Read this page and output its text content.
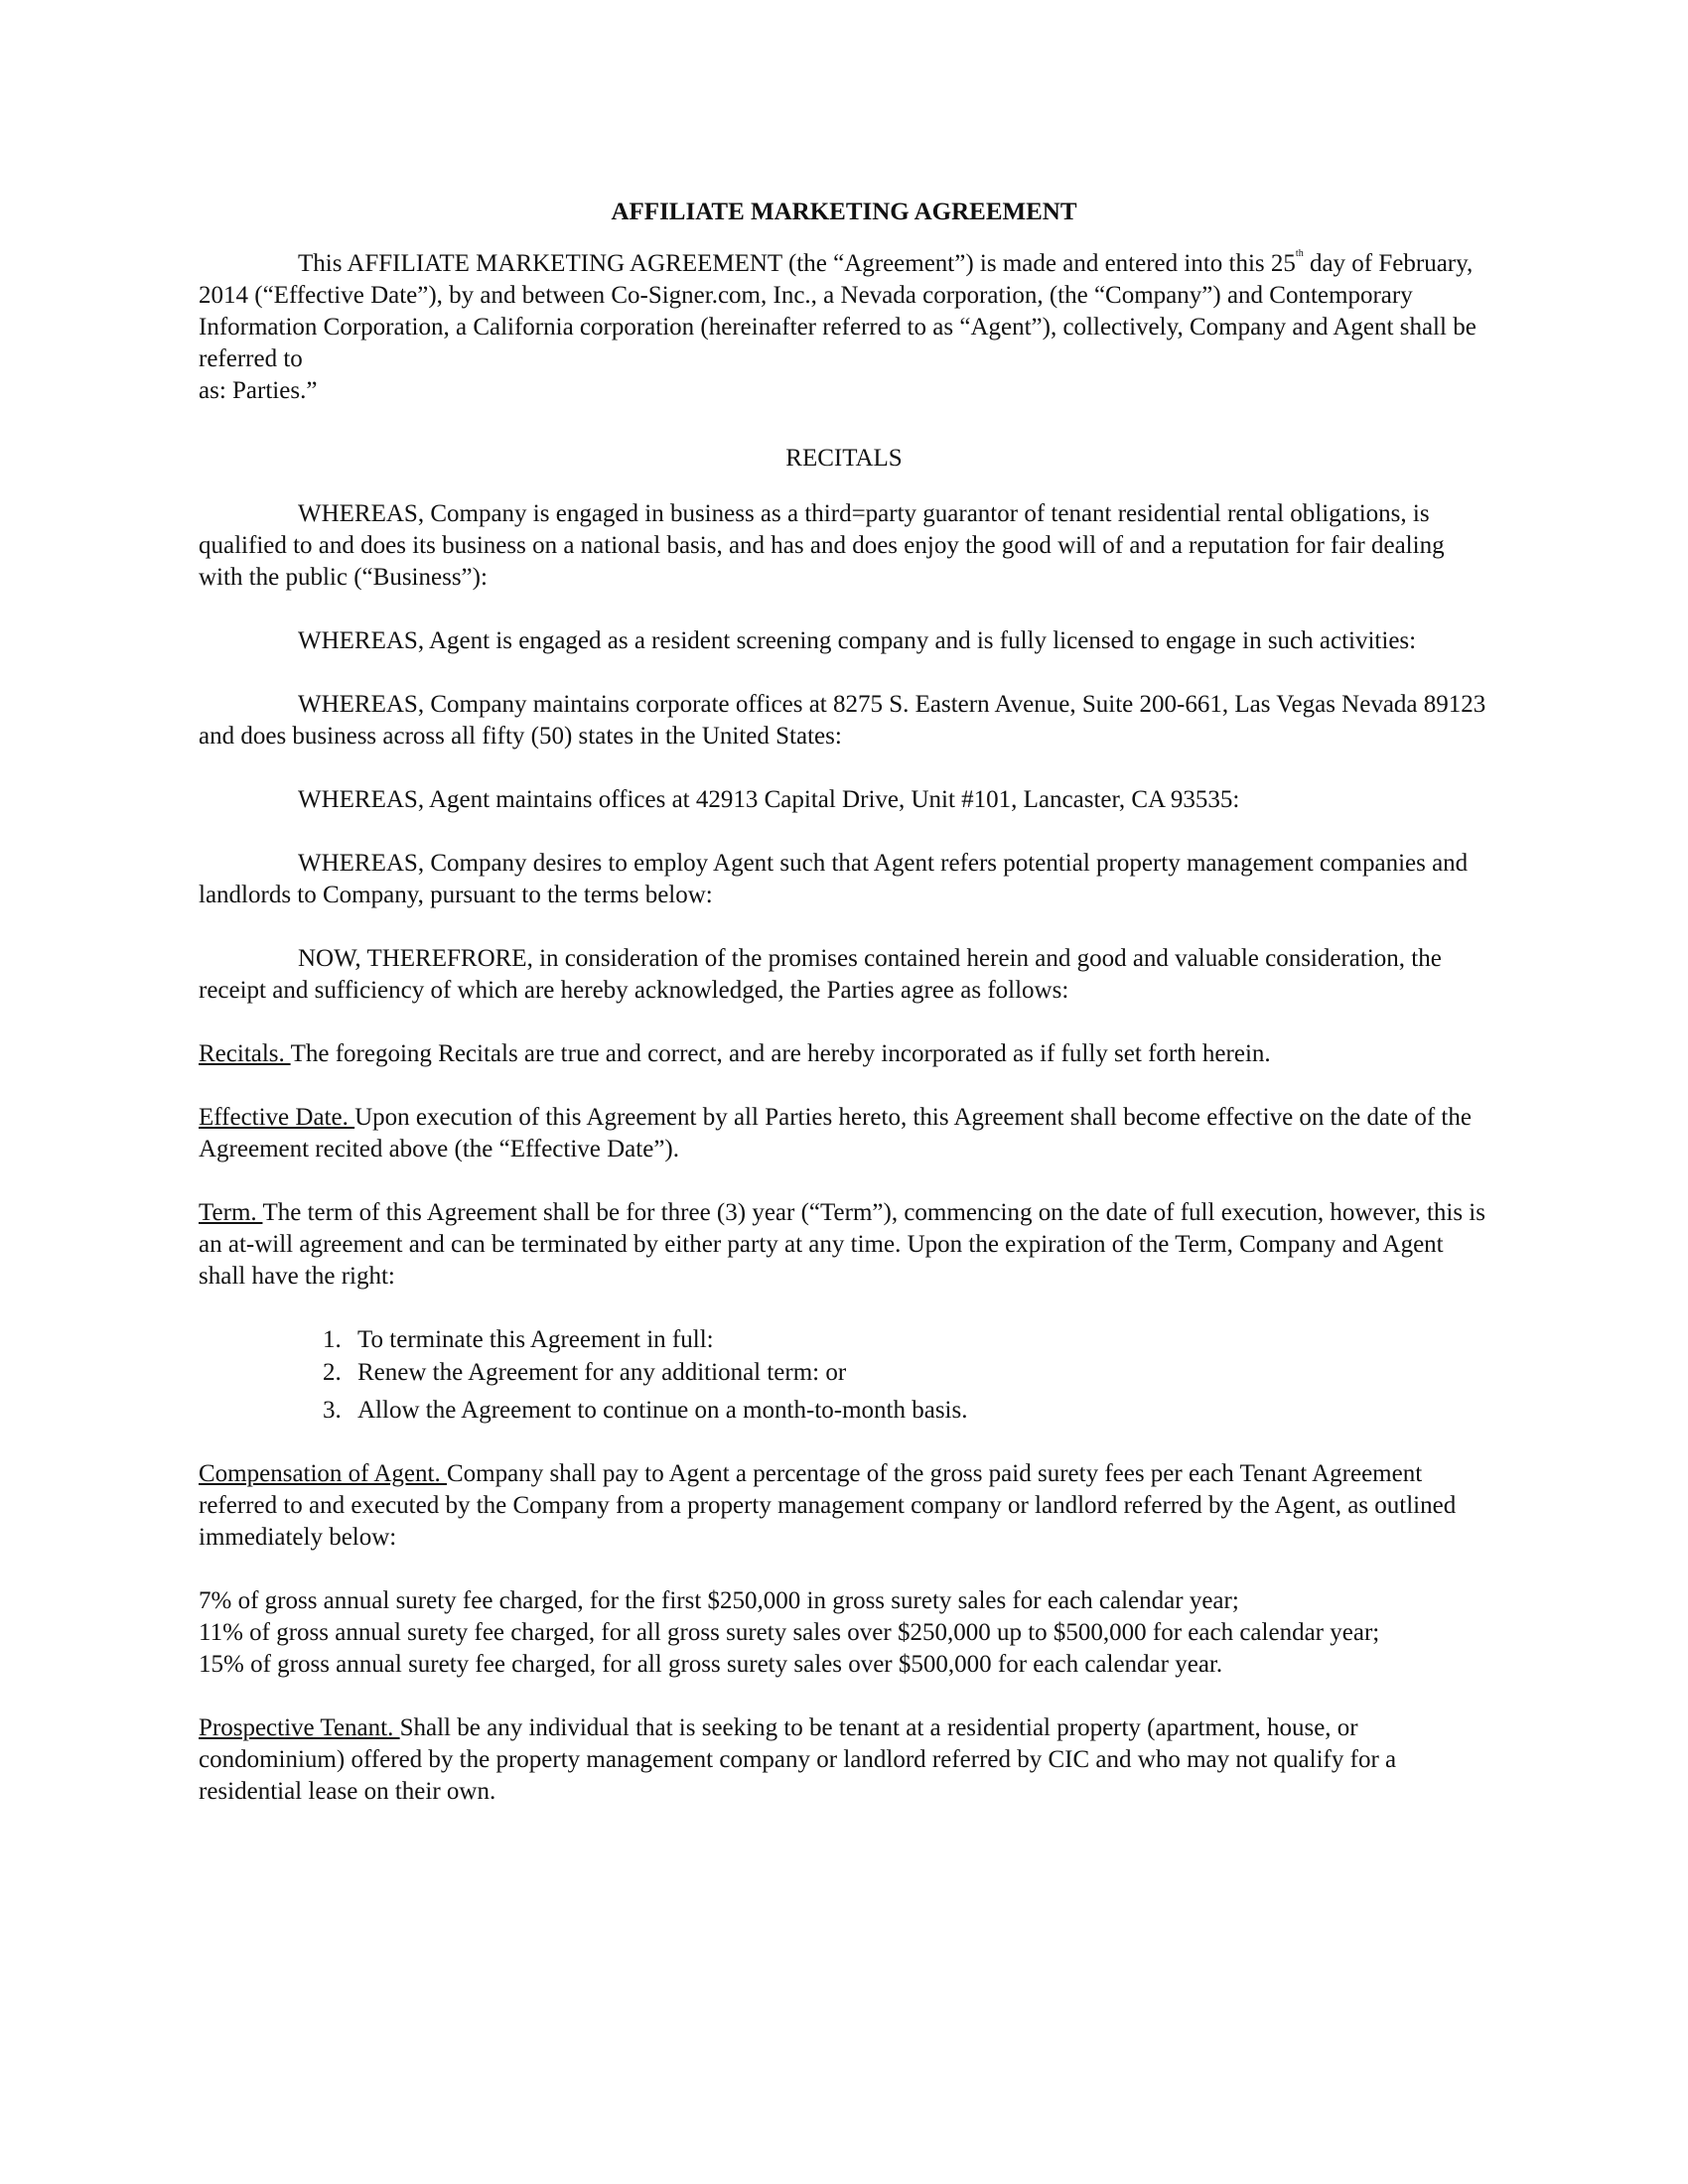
AFFILIATE MARKETING AGREEMENT

This AFFILIATE MARKETING AGREEMENT (the “Agreement”) is made and entered into this 25th day of February, 2014 (“Effective Date”), by and between Co-Signer.com, Inc., a Nevada corporation, (the “Company”) and Contemporary Information Corporation, a California corporation (hereinafter referred to as “Agent”), collectively, Company and Agent shall be referred to

as: Parties.”

RECITALS

WHEREAS, Company is engaged in business as a third=party guarantor of tenant residential rental obligations, is qualified to and does its business on a national basis, and has and does enjoy the good will of and a reputation for fair dealing with the public (“Business”):

WHEREAS, Agent is engaged as a resident screening company and is fully licensed to engage in such activities:

WHEREAS, Company maintains corporate offices at 8275 S. Eastern Avenue, Suite 200-661, Las Vegas Nevada 89123 and does business across all fifty (50) states in the United States:

WHEREAS, Agent maintains offices at 42913 Capital Drive, Unit #101, Lancaster, CA 93535:

WHEREAS, Company desires to employ Agent such that Agent refers potential property management companies and landlords to Company, pursuant to the terms below:

NOW, THEREFRORE, in consideration of the promises contained herein and good and valuable consideration, the receipt and sufficiency of which are hereby acknowledged, the Parties agree as follows:

Recitals. The foregoing Recitals are true and correct, and are hereby incorporated as if fully set forth herein.

Effective Date. Upon execution of this Agreement by all Parties hereto, this Agreement shall become effective on the date of the Agreement recited above (the “Effective Date”).

Term. The term of this Agreement shall be for three (3) year (“Term”), commencing on the date of full execution, however, this is an at-will agreement and can be terminated by either party at any time. Upon the expiration of the Term, Company and Agent shall have the right:

1. To terminate this Agreement in full:
2. Renew the Agreement for any additional term: or
3. Allow the Agreement to continue on a month-to-month basis.

Compensation of Agent. Company shall pay to Agent a percentage of the gross paid surety fees per each Tenant Agreement referred to and executed by the Company from a property management company or landlord referred by the Agent, as outlined immediately below:

7% of gross annual surety fee charged, for the first $250,000 in gross surety sales for each calendar year;

11% of gross annual surety fee charged, for all gross surety sales over $250,000 up to $500,000 for each calendar year;

15% of gross annual surety fee charged, for all gross surety sales over $500,000 for each calendar year.

Prospective Tenant. Shall be any individual that is seeking to be tenant at a residential property (apartment, house, or condominium) offered by the property management company or landlord referred by CIC and who may not qualify for a residential lease on their own.
